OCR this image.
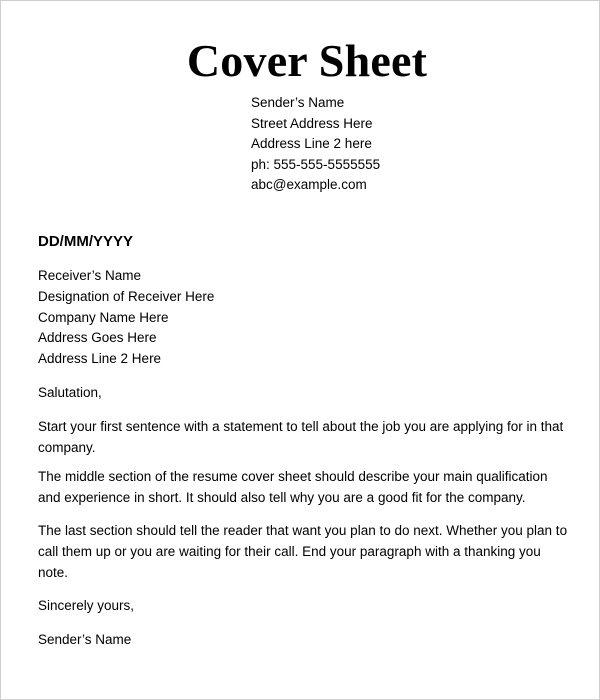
Cover Sheet
Sender’s Name
Street Address Here
Address Line 2 here
ph: 555-555-5555555
abc@example.com
DD/MM/YYYY
Receiver’s Name
Designation of Receiver Here
Company Name Here
Address Goes Here
Address Line 2 Here
Salutation,
Start your first sentence with a statement to tell about the job you are applying for in that company.
The middle section of the resume cover sheet should describe your main qualification and experience in short. It should also tell why you are a good fit for the company.
The last section should tell the reader that want you plan to do next. Whether you plan to call them up or you are waiting for their call. End your paragraph with a thanking you note.
Sincerely yours,
Sender’s Name
